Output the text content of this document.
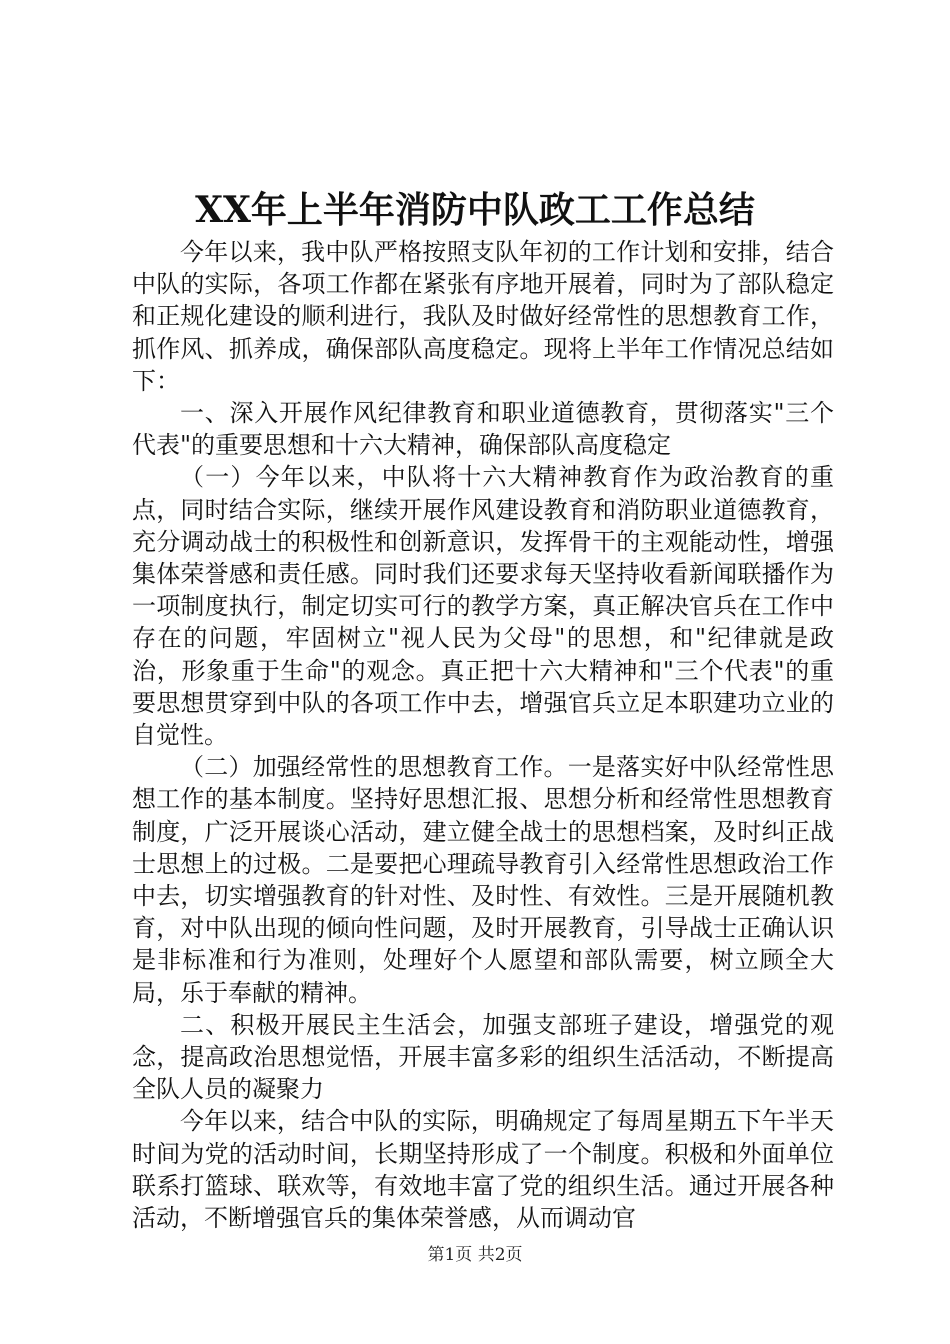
XX年上半年消防中队政工工作总结

今年以来，我中队严格按照支队年初的工作计划和安排，结合中队的实际，各项工作都在紧张有序地开展着，同时为了部队稳定和正规化建设的顺利进行，我队及时做好经常性的思想教育工作，抓作风、抓养成，确保部队高度稳定。现将上半年工作情况总结如下：

一、深入开展作风纪律教育和职业道德教育，贯彻落实"三个代表"的重要思想和十六大精神，确保部队高度稳定

（一）今年以来，中队将十六大精神教育作为政治教育的重点，同时结合实际，继续开展作风建设教育和消防职业道德教育，充分调动战士的积极性和创新意识，发挥骨干的主观能动性，增强集体荣誉感和责任感。同时我们还要求每天坚持收看新闻联播作为一项制度执行，制定切实可行的教学方案，真正解决官兵在工作中存在的问题，牢固树立"视人民为父母"的思想，和"纪律就是政治，形象重于生命"的观念。真正把十六大精神和"三个代表"的重要思想贯穿到中队的各项工作中去，增强官兵立足本职建功立业的自觉性。

（二）加强经常性的思想教育工作。一是落实好中队经常性思想工作的基本制度。坚持好思想汇报、思想分析和经常性思想教育制度，广泛开展谈心活动，建立健全战士的思想档案，及时纠正战士思想上的过极。二是要把心理疏导教育引入经常性思想政治工作中去，切实增强教育的针对性、及时性、有效性。三是开展随机教育，对中队出现的倾向性问题，及时开展教育，引导战士正确认识是非标准和行为准则，处理好个人愿望和部队需要，树立顾全大局，乐于奉献的精神。

二、积极开展民主生活会，加强支部班子建设，增强党的观念，提高政治思想觉悟，开展丰富多彩的组织生活活动，不断提高全队人员的凝聚力

今年以来，结合中队的实际，明确规定了每周星期五下午半天时间为党的活动时间，长期坚持形成了一个制度。积极和外面单位联系打篮球、联欢等，有效地丰富了党的组织生活。通过开展各种活动，不断增强官兵的集体荣誉感，从而调动官

第1页 共2页
